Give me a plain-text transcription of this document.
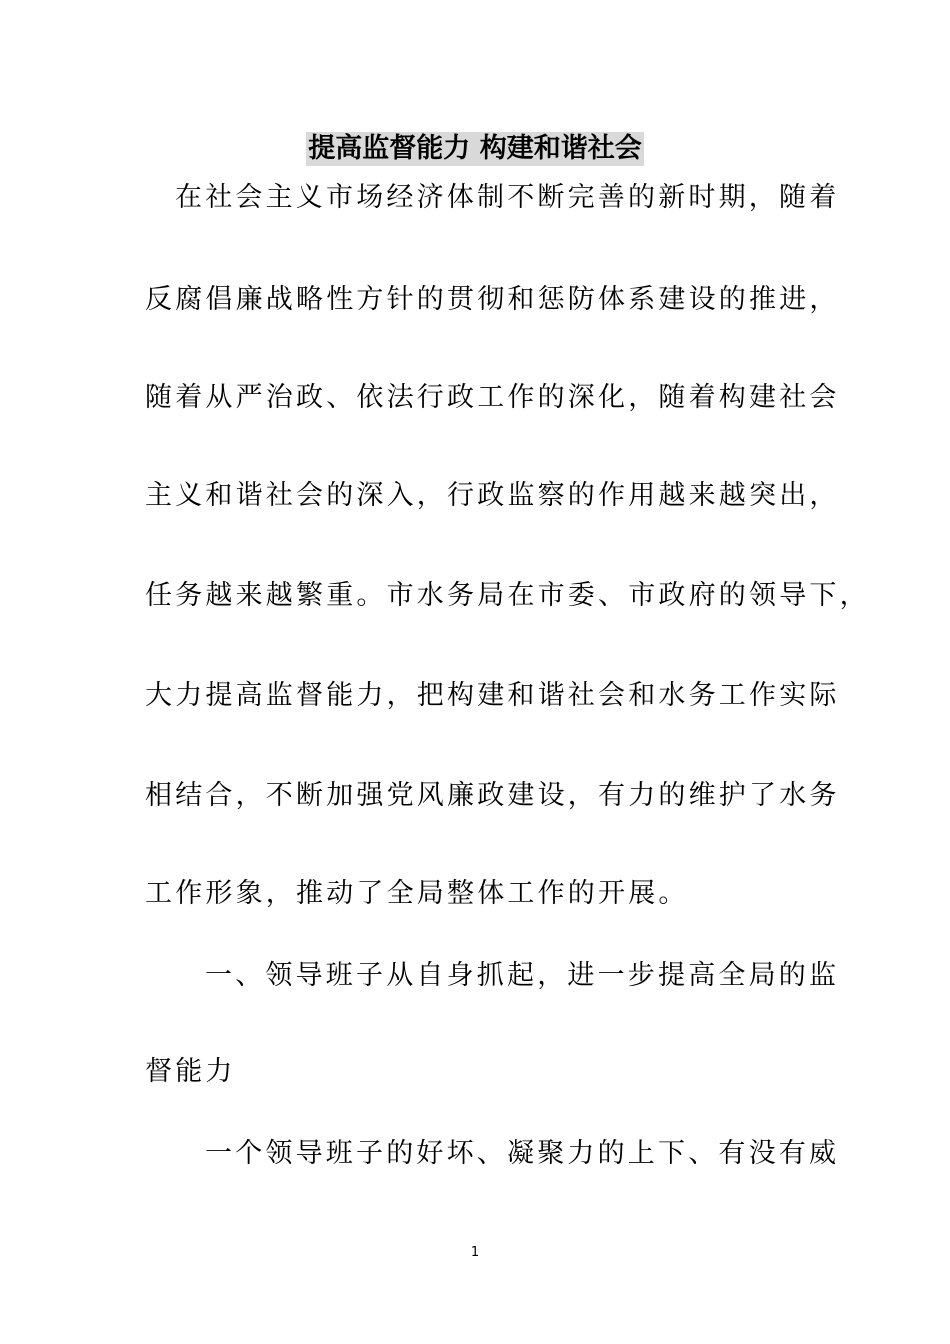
提高监督能力 构建和谐社会
在社会主义市场经济体制不断完善的新时期，随着
反腐倡廉战略性方针的贯彻和惩防体系建设的推进，
随着从严治政、依法行政工作的深化，随着构建社会
主义和谐社会的深入，行政监察的作用越来越突出，
任务越来越繁重。市水务局在市委、市政府的领导下，
大力提高监督能力，把构建和谐社会和水务工作实际
相结合，不断加强党风廉政建设，有力的维护了水务
工作形象，推动了全局整体工作的开展。
一、领导班子从自身抓起，进一步提高全局的监
督能力
一个领导班子的好坏、凝聚力的上下、有没有威
1
